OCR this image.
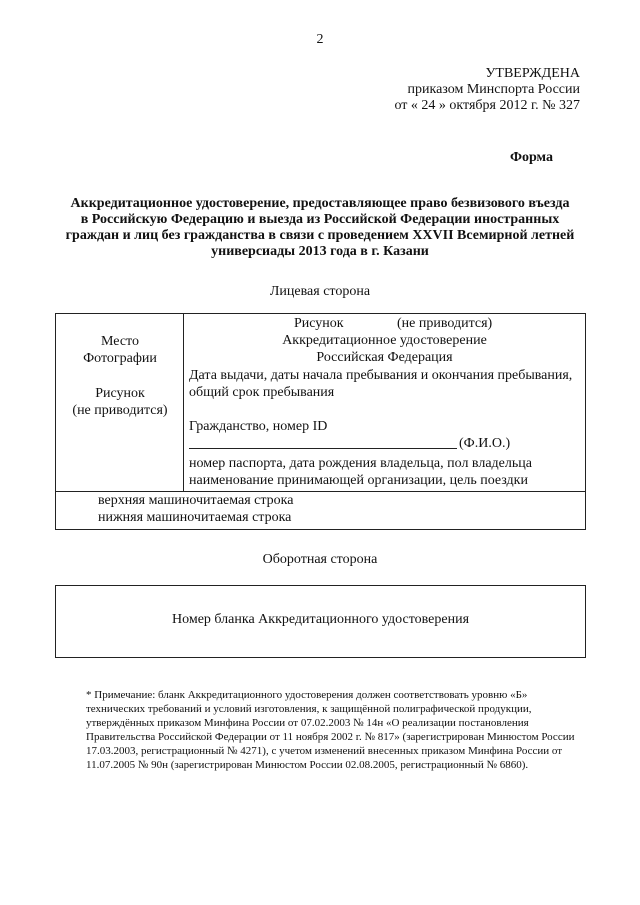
2
УТВЕРЖДЕНА
приказом Минспорта России
от « 24 » октября 2012 г. № 327
Форма
Аккредитационное удостоверение, предоставляющее право безвизового въезда
в Российскую Федерацию и выезда из Российской Федерации иностранных
граждан и лиц без гражданства в связи с проведением XXVII Всемирной летней
универсиады 2013 года в г. Казани
Лицевая сторона
Место
Фотографии
Рисунок
(не приводится)
Рисунок	(не приводится)
Аккредитационное удостоверение
Российская Федерация
Дата выдачи, даты начала пребывания и окончания пребывания,
общий срок пребывания
Гражданство, номер ID
(Ф.И.О.)
номер паспорта, дата рождения владельца, пол владельца
наименование принимающей организации, цель поездки
верхняя машиночитаемая строка
нижняя машиночитаемая строка
Оборотная сторона
Номер бланка Аккредитационного удостоверения
* Примечание: бланк Аккредитационного удостоверения должен соответствовать уровню «Б»
технических требований и условий изготовления, к защищённой полиграфической продукции,
утверждённых приказом Минфина России от 07.02.2003 № 14н «О реализации постановления
Правительства Российской Федерации от 11 ноября 2002 г. № 817» (зарегистрирован Минюстом России
17.03.2003, регистрационный № 4271), с учетом изменений внесенных приказом Минфина России от
11.07.2005 № 90н (зарегистрирован Минюстом России 02.08.2005, регистрационный № 6860).
